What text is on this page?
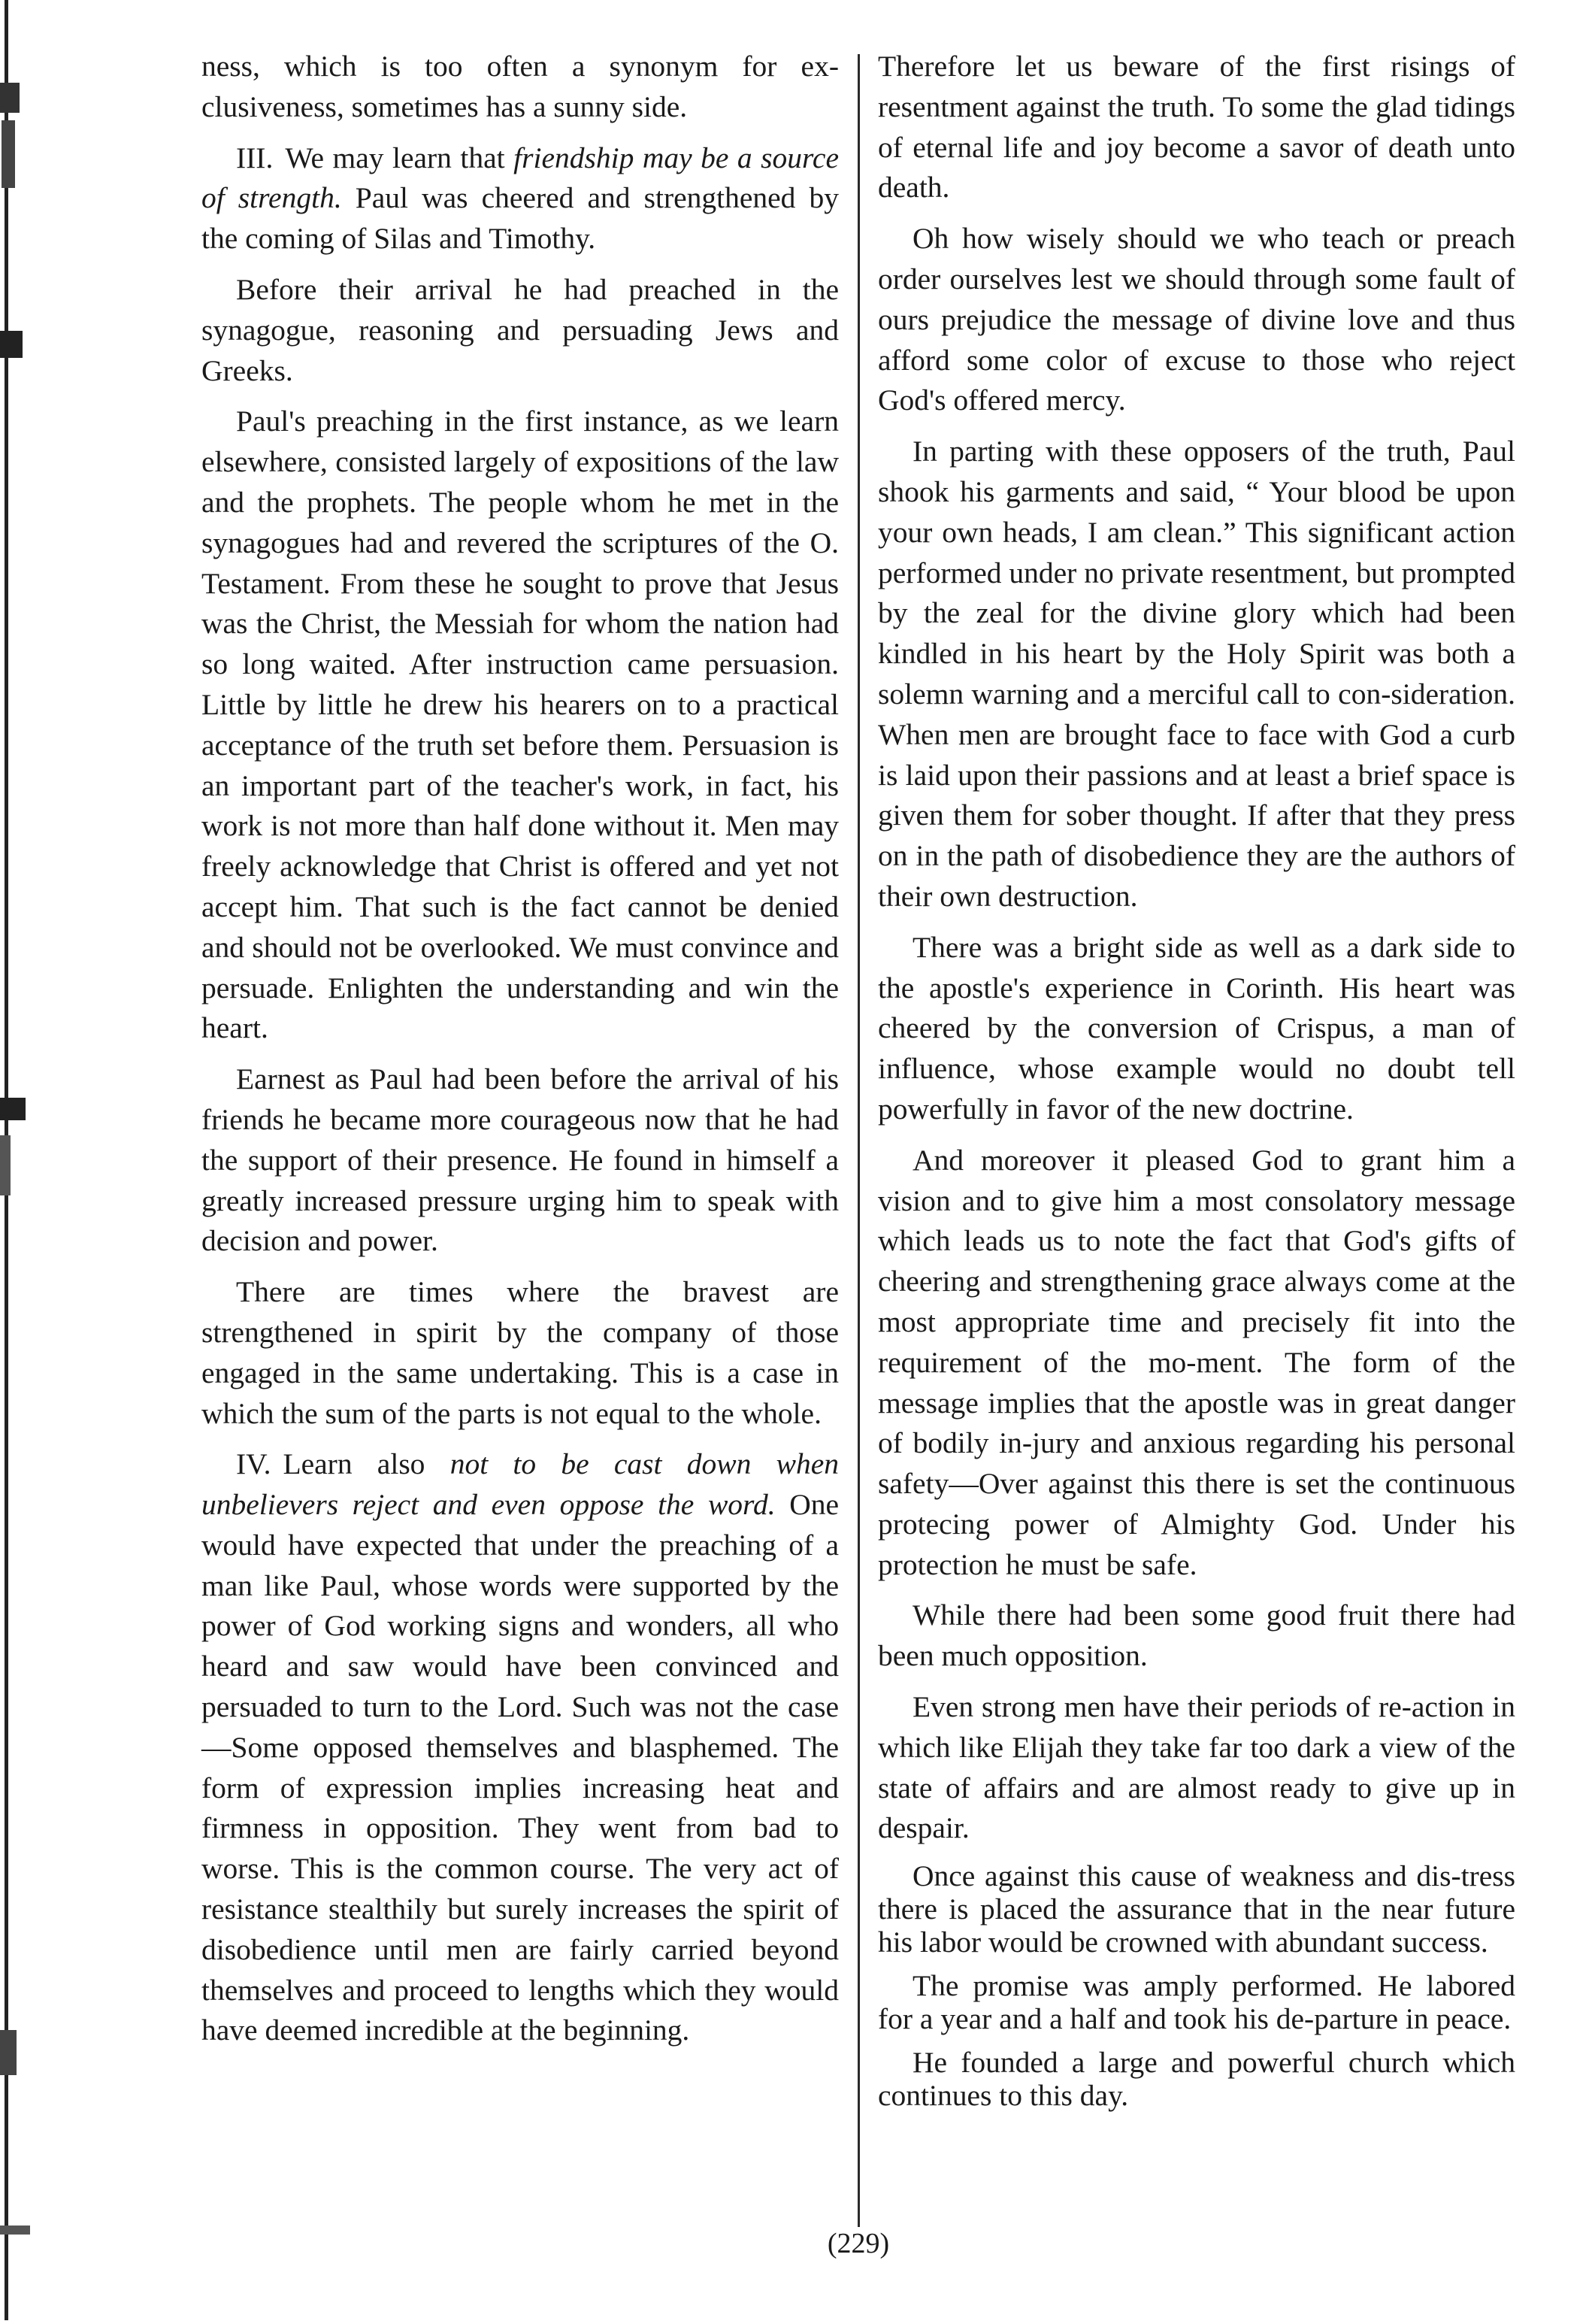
ness, which is too often a synonym for ex-clusiveness, sometimes has a sunny side.

III. We may learn that friendship may be a source of strength. Paul was cheered and strengthened by the coming of Silas and Timothy.

Before their arrival he had preached in the synagogue, reasoning and persuading Jews and Greeks.

Paul's preaching in the first instance, as we learn elsewhere, consisted largely of expositions of the law and the prophets. The people whom he met in the synagogues had and revered the scriptures of the O. Testament. From these he sought to prove that Jesus was the Christ, the Messiah for whom the nation had so long waited. After instruction came persuasion. Little by little he drew his hearers on to a practical acceptance of the truth set before them. Persuasion is an important part of the teacher's work, in fact, his work is not more than half done without it. Men may freely acknowledge that Christ is offered and yet not accept him. That such is the fact cannot be denied and should not be overlooked. We must convince and persuade. Enlighten the understanding and win the heart.

Earnest as Paul had been before the arrival of his friends he became more courageous now that he had the support of their presence. He found in himself a greatly increased pressure urging him to speak with decision and power.

There are times where the bravest are strengthened in spirit by the company of those engaged in the same undertaking. This is a case in which the sum of the parts is not equal to the whole.

IV. Learn also not to be cast down when unbelievers reject and even oppose the word. One would have expected that under the preaching of a man like Paul, whose words were supported by the power of God working signs and wonders, all who heard and saw would have been convinced and persuaded to turn to the Lord. Such was not the case—Some opposed themselves and blasphemed. The form of expression implies increasing heat and firmness in opposition. They went from bad to worse. This is the common course. The very act of resistance stealthily but surely increases the spirit of disobedience until men are fairly carried beyond themselves and proceed to lengths which they would have deemed incredible at the beginning.

Therefore let us beware of the first risings of resentment against the truth. To some the glad tidings of eternal life and joy become a savor of death unto death.

Oh how wisely should we who teach or preach order ourselves lest we should through some fault of ours prejudice the message of divine love and thus afford some color of excuse to those who reject God's offered mercy.

In parting with these opposers of the truth, Paul shook his garments and said, “ Your blood be upon your own heads, I am clean.” This significant action performed under no private resentment, but prompted by the zeal for the divine glory which had been kindled in his heart by the Holy Spirit was both a solemn warning and a merciful call to con-sideration. When men are brought face to face with God a curb is laid upon their passions and at least a brief space is given them for sober thought. If after that they press on in the path of disobedience they are the authors of their own destruction.

There was a bright side as well as a dark side to the apostle's experience in Corinth. His heart was cheered by the conversion of Crispus, a man of influence, whose example would no doubt tell powerfully in favor of the new doctrine.

And moreover it pleased God to grant him a vision and to give him a most consolatory message which leads us to note the fact that God's gifts of cheering and strengthening grace always come at the most appropriate time and precisely fit into the requirement of the mo-ment. The form of the message implies that the apostle was in great danger of bodily in-jury and anxious regarding his personal safety—Over against this there is set the continuous protecing power of Almighty God. Under his protection he must be safe.

While there had been some good fruit there had been much opposition.

Even strong men have their periods of re-action in which like Elijah they take far too dark a view of the state of affairs and are almost ready to give up in despair.

Once against this cause of weakness and dis-tress there is placed the assurance that in the near future his labor would be crowned with abundant success.

The promise was amply performed. He labored for a year and a half and took his de-parture in peace.

He founded a large and powerful church which continues to this day.

(229)
